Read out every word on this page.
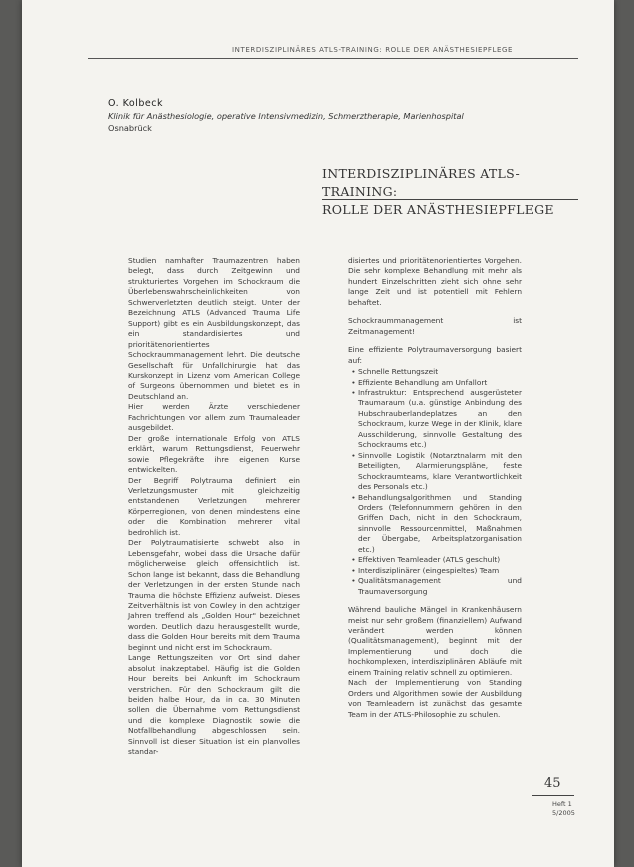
INTERDISZIPLINÄRES ATLS-TRAINING: ROLLE DER ANÄSTHESIEPFLEGE
O. Kolbeck
Klinik für Anästhesiologie, operative Intensivmedizin, Schmerztherapie, Marienhospital
Osnabrück
INTERDISZIPLINÄRES ATLS-TRAINING:
ROLLE DER ANÄSTHESIEPFLEGE

Studien namhafter Traumazentren haben belegt, dass durch Zeitgewinn und strukturiertes Vorgehen im Schockraum die Überlebenswahrscheinlichkeiten von Schwerverletzten deutlich steigt. Unter der Bezeichnung ATLS (Advanced Trauma Life Support) gibt es ein Ausbildungskonzept, das ein standardisiertes und prioritätenorientiertes Schockraummanagement lehrt. Die deutsche Gesellschaft für Unfallchirurgie hat das Kurskonzept in Lizenz vom American College of Surgeons übernommen und bietet es in Deutschland an.

Hier werden Ärzte verschiedener Fachrichtungen vor allem zum Traumaleader ausgebildet.

Der große internationale Erfolg von ATLS erklärt, warum Rettungsdienst, Feuerwehr sowie Pflegekräfte ihre eigenen Kurse entwickelten.

Der Begriff Polytrauma definiert ein Verletzungsmuster mit gleichzeitig entstandenen Verletzungen mehrerer Körperregionen, von denen mindestens eine oder die Kombination mehrerer vital bedrohlich ist.

Der Polytraumatisierte schwebt also in Lebensgefahr, wobei dass die Ursache dafür möglicherweise gleich offensichtlich ist. Schon lange ist bekannt, dass die Behandlung der Verletzungen in der ersten Stunde nach Trauma die höchste Effizienz aufweist. Dieses Zeitverhältnis ist von Cowley in den achtziger Jahren treffend als „Golden Hour" bezeichnet worden. Deutlich dazu herausgestellt wurde, dass die Golden Hour bereits mit dem Trauma beginnt und nicht erst im Schockraum.

Lange Rettungszeiten vor Ort sind daher absolut inakzeptabel. Häufig ist die Golden Hour bereits bei Ankunft im Schockraum verstrichen. Für den Schockraum gilt die beiden halbe Hour, da in ca. 30 Minuten sollen die Übernahme vom Rettungsdienst und die komplexe Diagnostik sowie die Notfallbehandlung abgeschlossen sein. Sinnvoll ist dieser Situation ist ein planvolles standar-

disiertes und prioritätenorientiertes Vorgehen. Die sehr komplexe Behandlung mit mehr als hundert Einzelschritten zieht sich ohne sehr lange Zeit und ist potentiell mit Fehlern behaftet.

Schockraummanagement ist Zeitmanagement!

Eine effiziente Polytraumaversorgung basiert auf:

• Schnelle Rettungszeit
• Effiziente Behandlung am Unfallort
• Infrastruktur: Entsprechend ausgerüsteter Traumaraum (u.a. günstige Anbindung des Hubschrauberlandeplatzes an den Schockraum, kurze Wege in der Klinik, klare Ausschilderung, sinnvolle Gestaltung des Schockraums etc.)
• Sinnvolle Logistik (Notarztnalarm mit den Beteiligten, Alarmierungspläne, feste Schockraumteams, klare Verantwortlichkeit des Personals etc.)
• Behandlungsalgorithmen und Standing Orders (Telefonnummern gehören in den Griffen Dach, nicht in den Schockraum, sinnvolle Ressourcenmittel, Maßnahmen der Übergabe, Arbeitsplatzorganisation etc.)
• Effektiven Teamleader (ATLS geschult)
• Interdisziplinärer (eingespieltes) Team
• Qualitätsmanagement und Traumaversorgung

Während bauliche Mängel in Krankenhäusern meist nur sehr großem (finanziellem) Aufwand verändert werden können (Qualitätsmanagement), beginnt mit der Implementierung und doch die hochkomplexen, interdisziplinären Abläufe mit einem Training relativ schnell zu optimieren.

Nach der Implementierung von Standing Orders und Algorithmen sowie der Ausbildung von Teamleadern ist zunächst das gesamte Team in der ATLS-Philosophie zu schulen.

45
Heft 1
5/2005
